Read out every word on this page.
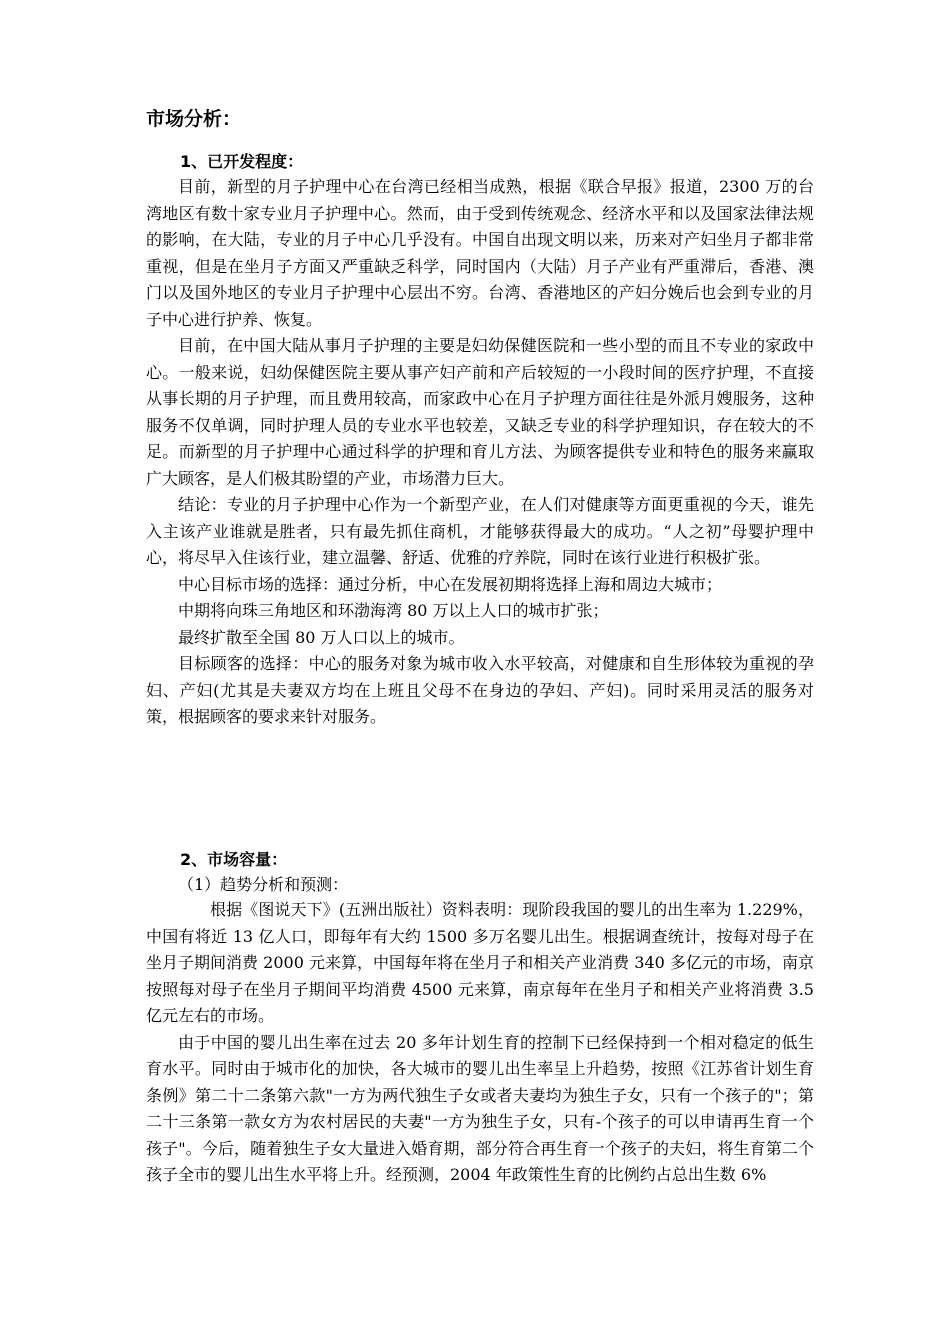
市场分析：
1、已开发程度：

目前，新型的月子护理中心在台湾已经相当成熟，根据《联合早报》报道，2300 万的台湾地区有数十家专业月子护理中心。然而，由于受到传统观念、经济水平和以及国家法律法规的影响，在大陆，专业的月子中心几乎没有。中国自出现文明以来，历来对产妇坐月子都非常重视，但是在坐月子方面又严重缺乏科学，同时国内（大陆）月子产业有严重滞后，香港、澳门以及国外地区的专业月子护理中心层出不穷。台湾、香港地区的产妇分娩后也会到专业的月子中心进行护养、恢复。

目前，在中国大陆从事月子护理的主要是妇幼保健医院和一些小型的而且不专业的家政中心。一般来说，妇幼保健医院主要从事产妇产前和产后较短的一小段时间的医疗护理，不直接从事长期的月子护理，而且费用较高，而家政中心在月子护理方面往往是外派月嫂服务，这种服务不仅单调，同时护理人员的专业水平也较差，又缺乏专业的科学护理知识，存在较大的不足。而新型的月子护理中心通过科学的护理和育儿方法、为顾客提供专业和特色的服务来赢取广大顾客，是人们极其盼望的产业，市场潜力巨大。

结论：专业的月子护理中心作为一个新型产业，在人们对健康等方面更重视的今天，谁先入主该产业谁就是胜者，只有最先抓住商机，才能够获得最大的成功。“人之初”母婴护理中心，将尽早入住该行业，建立温馨、舒适、优雅的疗养院，同时在该行业进行积极扩张。

中心目标市场的选择：通过分析，中心在发展初期将选择上海和周边大城市；

中期将向珠三角地区和环渤海湾 80 万以上人口的城市扩张；

最终扩散至全国 80 万人口以上的城市。

目标顾客的选择：中心的服务对象为城市收入水平较高，对健康和自生形体较为重视的孕妇、产妇(尤其是夫妻双方均在上班且父母不在身边的孕妇、产妇)。同时采用灵活的服务对策，根据顾客的要求来针对服务。

2、市场容量：
（1）趋势分析和预测：

根据《图说天下》(五洲出版社）资料表明：现阶段我国的婴儿的出生率为 1.229%，中国有将近 13 亿人口，即每年有大约 1500 多万名婴儿出生。根据调查统计，按每对母子在坐月子期间消费 2000 元来算，中国每年将在坐月子和相关产业消费 340 多亿元的市场，南京按照每对母子在坐月子期间平均消费 4500 元来算，南京每年在坐月子和相关产业将消费 3.5 亿元左右的市场。

由于中国的婴儿出生率在过去 20 多年计划生育的控制下已经保持到一个相对稳定的低生育水平。同时由于城市化的加快，各大城市的婴儿出生率呈上升趋势，按照《江苏省计划生育条例》第二十二条第六款"一方为两代独生子女或者夫妻均为独生子女，只有一个孩子的"；第二十三条第一款女方为农村居民的夫妻"一方为独生子女，只有-个孩子的可以申请再生育一个孩子"。今后，随着独生子女大量进入婚育期，部分符合再生育一个孩子的夫妇，将生育第二个孩子全市的婴儿出生水平将上升。经预测，2004 年政策性生育的比例约占总出生数 6%
